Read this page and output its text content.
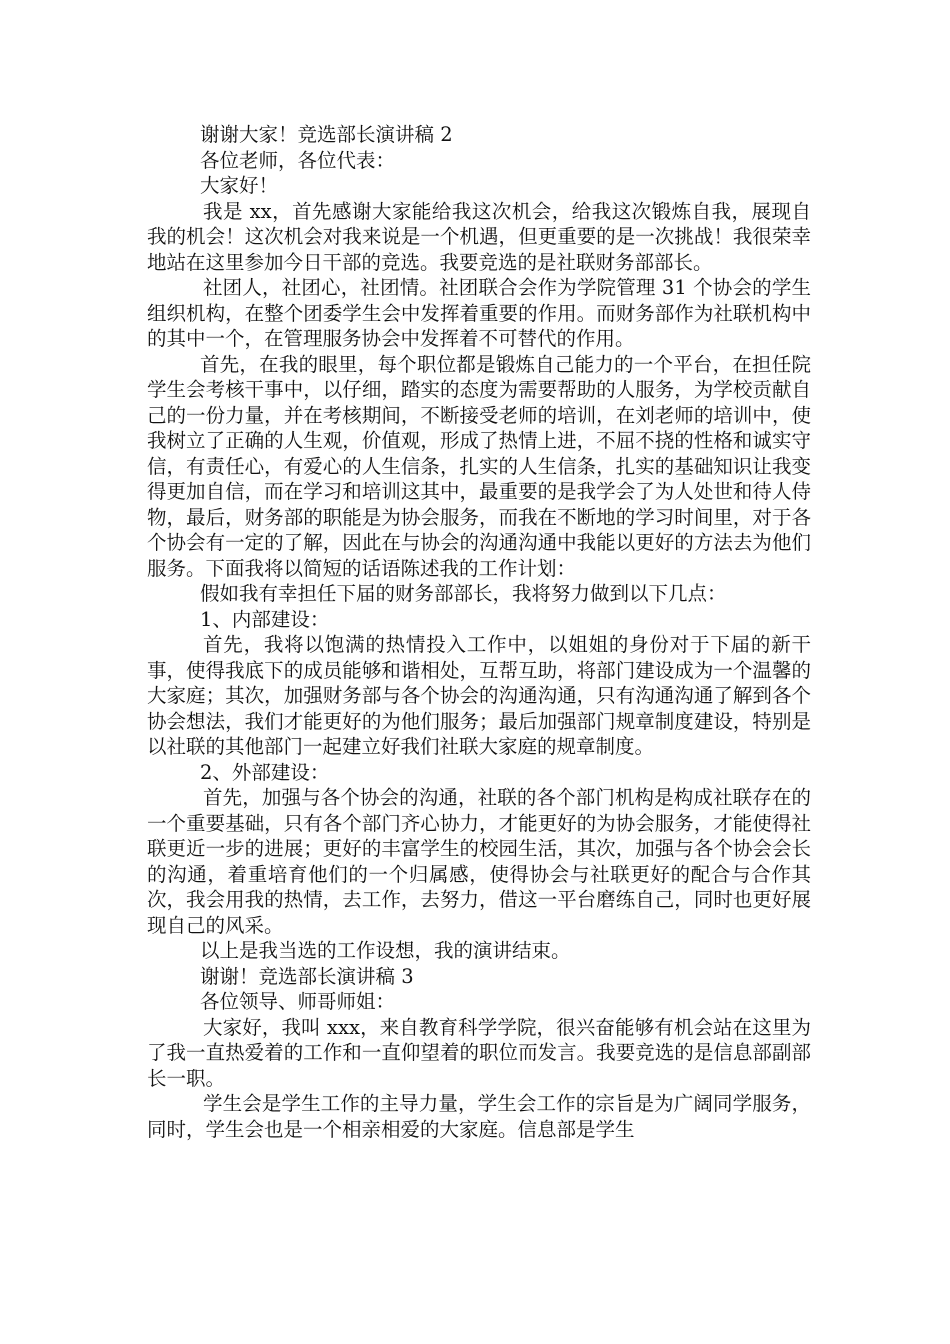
谢谢大家！竞选部长演讲稿 2

各位老师，各位代表：

大家好！

我是 xx，首先感谢大家能给我这次机会，给我这次锻炼自我，展现自我的机会！这次机会对我来说是一个机遇，但更重要的是一次挑战！我很荣幸地站在这里参加今日干部的竞选。我要竞选的是社联财务部部长。

社团人，社团心，社团情。社团联合会作为学院管理 31 个协会的学生组织机构，在整个团委学生会中发挥着重要的作用。而财务部作为社联机构中的其中一个，在管理服务协会中发挥着不可替代的作用。

首先，在我的眼里，每个职位都是锻炼自己能力的一个平台，在担任院学生会考核干事中，以仔细，踏实的态度为需要帮助的人服务，为学校贡献自己的一份力量，并在考核期间，不断接受老师的培训，在刘老师的培训中，使我树立了正确的人生观，价值观，形成了热情上进，不屈不挠的性格和诚实守信，有责任心，有爱心的人生信条，扎实的人生信条，扎实的基础知识让我变得更加自信，而在学习和培训这其中，最重要的是我学会了为人处世和待人侍物，最后，财务部的职能是为协会服务，而我在不断地的学习时间里，对于各个协会有一定的了解，因此在与协会的沟通沟通中我能以更好的方法去为他们服务。下面我将以简短的话语陈述我的工作计划：

假如我有幸担任下届的财务部部长，我将努力做到以下几点：

1、内部建设：

首先，我将以饱满的热情投入工作中，以姐姐的身份对于下届的新干事，使得我底下的成员能够和谐相处，互帮互助，将部门建设成为一个温馨的大家庭；其次，加强财务部与各个协会的沟通沟通，只有沟通沟通了解到各个协会想法，我们才能更好的为他们服务；最后加强部门规章制度建设，特别是以社联的其他部门一起建立好我们社联大家庭的规章制度。

2、外部建设：

首先，加强与各个协会的沟通，社联的各个部门机构是构成社联存在的一个重要基础，只有各个部门齐心协力，才能更好的为协会服务，才能使得社联更近一步的进展；更好的丰富学生的校园生活，其次，加强与各个协会会长的沟通，着重培育他们的一个归属感，使得协会与社联更好的配合与合作其次，我会用我的热情，去工作，去努力，借这一平台磨练自己，同时也更好展现自己的风采。

以上是我当选的工作设想，我的演讲结束。

谢谢！竞选部长演讲稿 3

各位领导、师哥师姐：

大家好，我叫 xxx，来自教育科学学院，很兴奋能够有机会站在这里为了我一直热爱着的工作和一直仰望着的职位而发言。我要竞选的是信息部副部长一职。

学生会是学生工作的主导力量，学生会工作的宗旨是为广阔同学服务，同时，学生会也是一个相亲相爱的大家庭。信息部是学生
